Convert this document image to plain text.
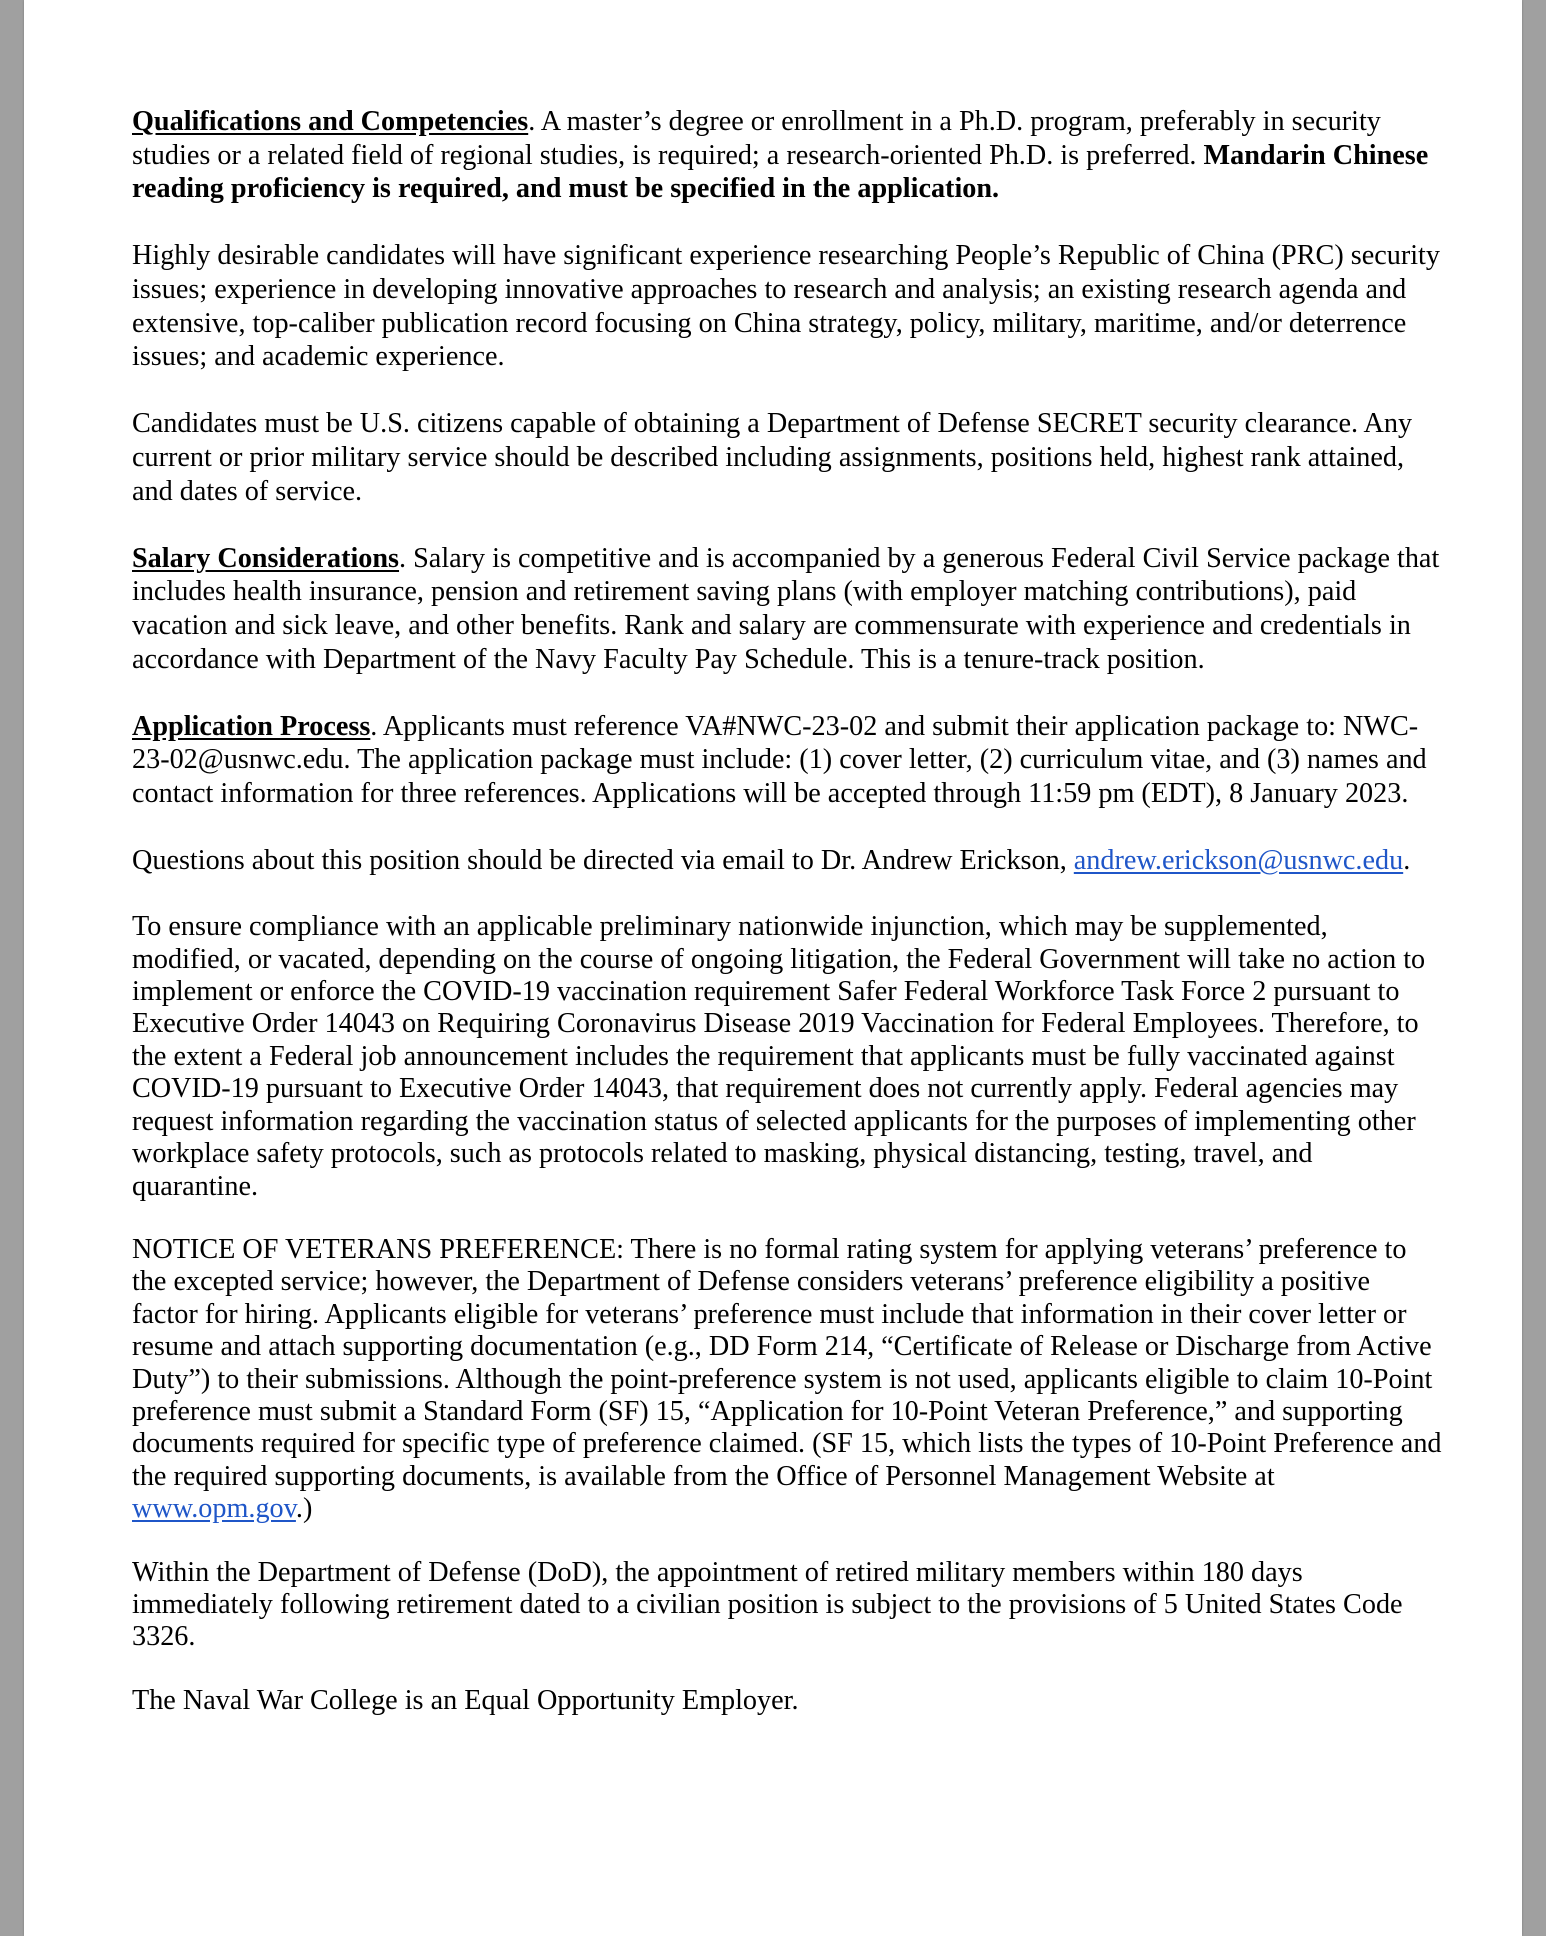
Qualifications and Competencies. A master’s degree or enrollment in a Ph.D. program, preferably in security studies or a related field of regional studies, is required; a research-oriented Ph.D. is preferred. Mandarin Chinese reading proficiency is required, and must be specified in the application.

Highly desirable candidates will have significant experience researching People’s Republic of China (PRC) security issues; experience in developing innovative approaches to research and analysis; an existing research agenda and extensive, top-caliber publication record focusing on China strategy, policy, military, maritime, and/or deterrence issues; and academic experience.

Candidates must be U.S. citizens capable of obtaining a Department of Defense SECRET security clearance. Any current or prior military service should be described including assignments, positions held, highest rank attained, and dates of service.

Salary Considerations. Salary is competitive and is accompanied by a generous Federal Civil Service package that includes health insurance, pension and retirement saving plans (with employer matching contributions), paid vacation and sick leave, and other benefits. Rank and salary are commensurate with experience and credentials in accordance with Department of the Navy Faculty Pay Schedule. This is a tenure-track position.

Application Process. Applicants must reference VA#NWC-23-02 and submit their application package to: NWC-23-02@usnwc.edu. The application package must include: (1) cover letter, (2) curriculum vitae, and (3) names and contact information for three references. Applications will be accepted through 11:59 pm (EDT), 8 January 2023.

Questions about this position should be directed via email to Dr. Andrew Erickson, andrew.erickson@usnwc.edu.

To ensure compliance with an applicable preliminary nationwide injunction, which may be supplemented, modified, or vacated, depending on the course of ongoing litigation, the Federal Government will take no action to implement or enforce the COVID-19 vaccination requirement Safer Federal Workforce Task Force 2 pursuant to Executive Order 14043 on Requiring Coronavirus Disease 2019 Vaccination for Federal Employees. Therefore, to the extent a Federal job announcement includes the requirement that applicants must be fully vaccinated against COVID-19 pursuant to Executive Order 14043, that requirement does not currently apply. Federal agencies may request information regarding the vaccination status of selected applicants for the purposes of implementing other workplace safety protocols, such as protocols related to masking, physical distancing, testing, travel, and quarantine.

NOTICE OF VETERANS PREFERENCE: There is no formal rating system for applying veterans’ preference to the excepted service; however, the Department of Defense considers veterans’ preference eligibility a positive factor for hiring. Applicants eligible for veterans’ preference must include that information in their cover letter or resume and attach supporting documentation (e.g., DD Form 214, “Certificate of Release or Discharge from Active Duty”) to their submissions. Although the point-preference system is not used, applicants eligible to claim 10-Point preference must submit a Standard Form (SF) 15, “Application for 10-Point Veteran Preference,” and supporting documents required for specific type of preference claimed. (SF 15, which lists the types of 10-Point Preference and the required supporting documents, is available from the Office of Personnel Management Website at www.opm.gov.)

Within the Department of Defense (DoD), the appointment of retired military members within 180 days immediately following retirement dated to a civilian position is subject to the provisions of 5 United States Code 3326.

The Naval War College is an Equal Opportunity Employer.
